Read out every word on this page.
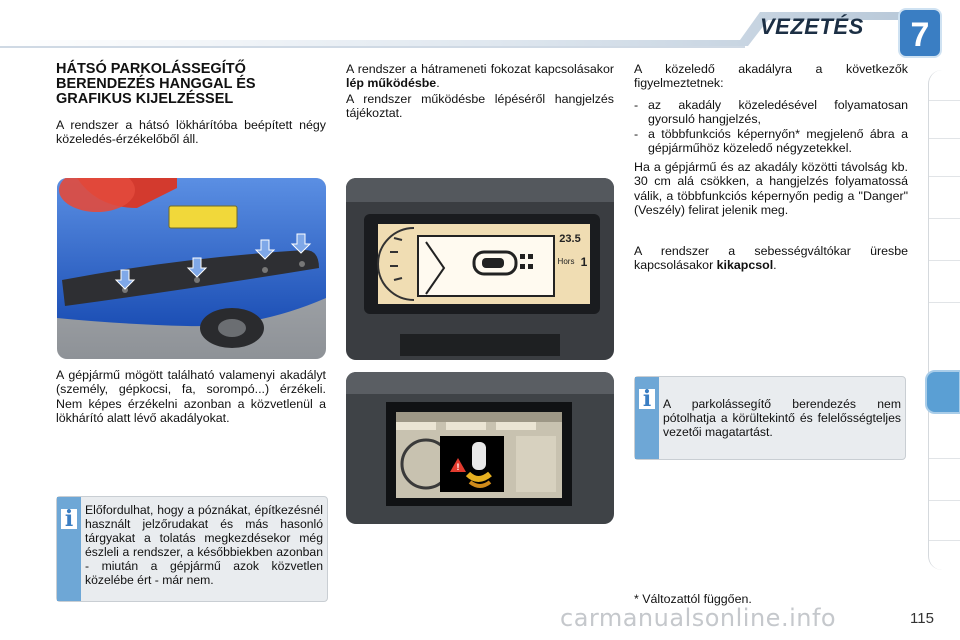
VEZETÉS	7
HÁTSÓ PARKOLÁSSEGÍTŐ BERENDEZÉS HANGGAL ÉS GRAFIKUS KIJELZÉSSEL
A rendszer a hátsó lökhárítóba beépített négy közeledés-érzékelőből áll.
A gépjármű mögött található valamenyi akadályt (személy, gépkocsi, fa, sorompó...) érzékeli. Nem képes érzékelni azonban a közvetlenül a lökhárító alatt lévő akadályokat.
i Előfordulhat, hogy a póznákat, építkezésnél használt jelzőrudakat és más hasonló tárgyakat a tolatás megkezdésekor még észleli a rendszer, a későbbiekben azonban - miután a gépjármű azok közvetlen közelébe ért - már nem.
A rendszer a hátrameneti fokozat kapcsolásakor lép működésbe.
A rendszer működésbe lépéséről hangjelzés tájékoztat.
23.5
Hors 1
!
A közeledő akadályra a következők figyelmeztetnek:
- az akadály közeledésével folyamatosan gyorsuló hangjelzés,
- a többfunkciós képernyőn* megjelenő ábra a gépjárműhöz közeledő négyzetekkel.
Ha a gépjármű és az akadály közötti távolság kb. 30 cm alá csökken, a hangjelzés folyamatossá válik, a többfunkciós képernyőn pedig a "Danger" (Veszély) felirat jelenik meg.
A rendszer a sebességváltókar üresbe kapcsolásakor kikapcsol.
i A parkolássegítő berendezés nem pótolhatja a körültekintő és felelősségteljes vezetői magatartást.
* Változattól függően.
carmanualsonline.info	115
